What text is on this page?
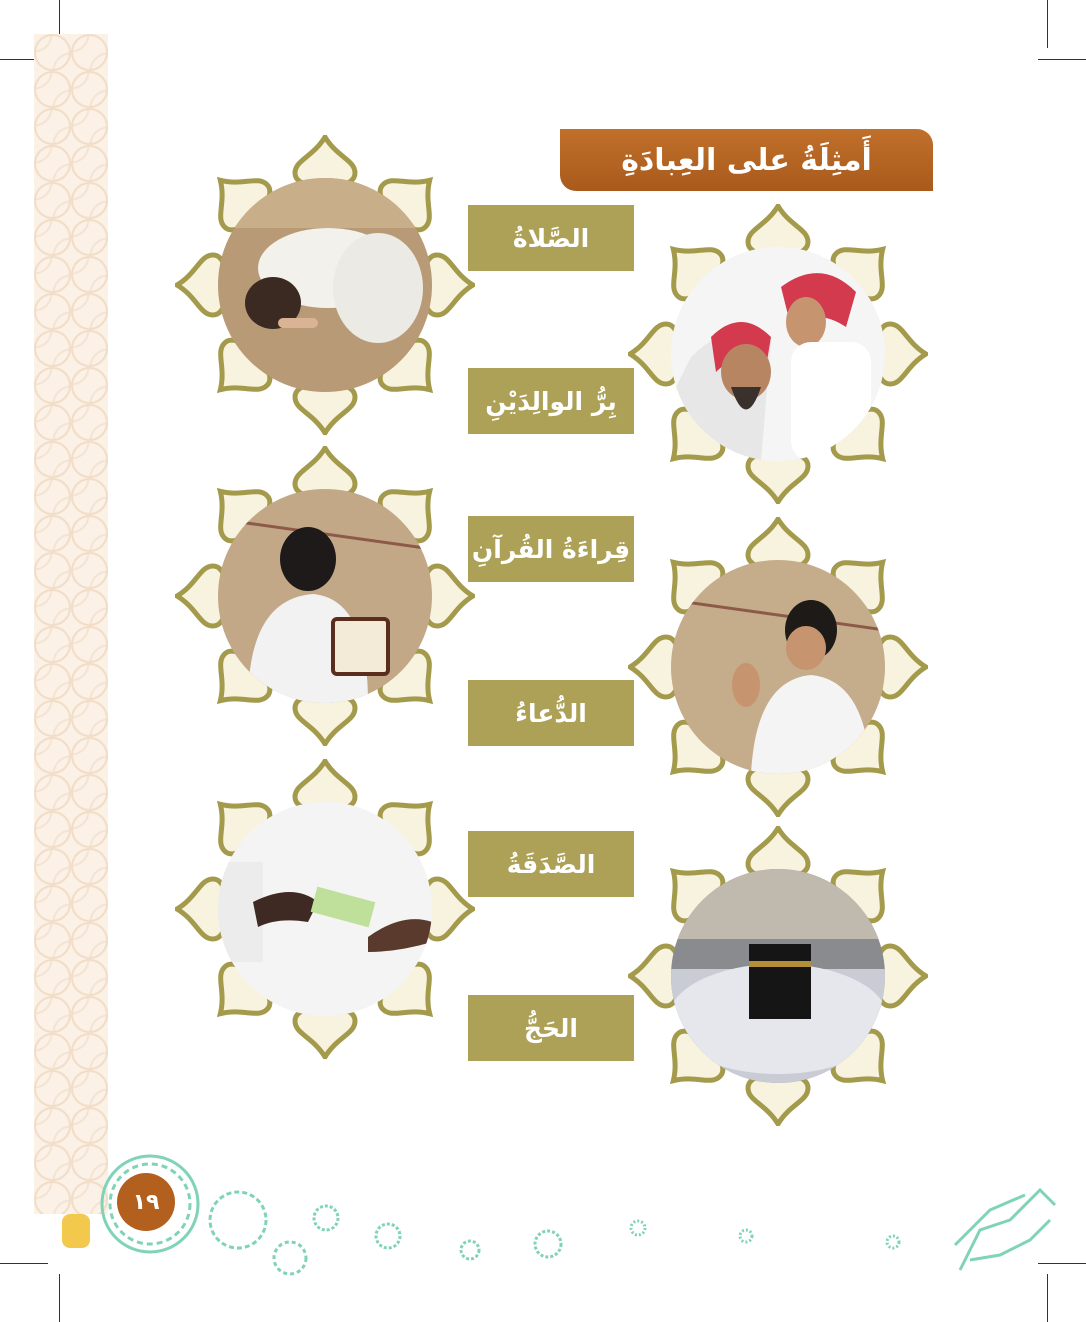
أَمثِلَةُ على العِبادَةِ
الصَّلاةُ
بِرُّ الوالِدَيْنِ
قِراءَةُ القُرآنِ
الدُّعاءُ
الصَّدَقَةُ
الحَجُّ
١٩
